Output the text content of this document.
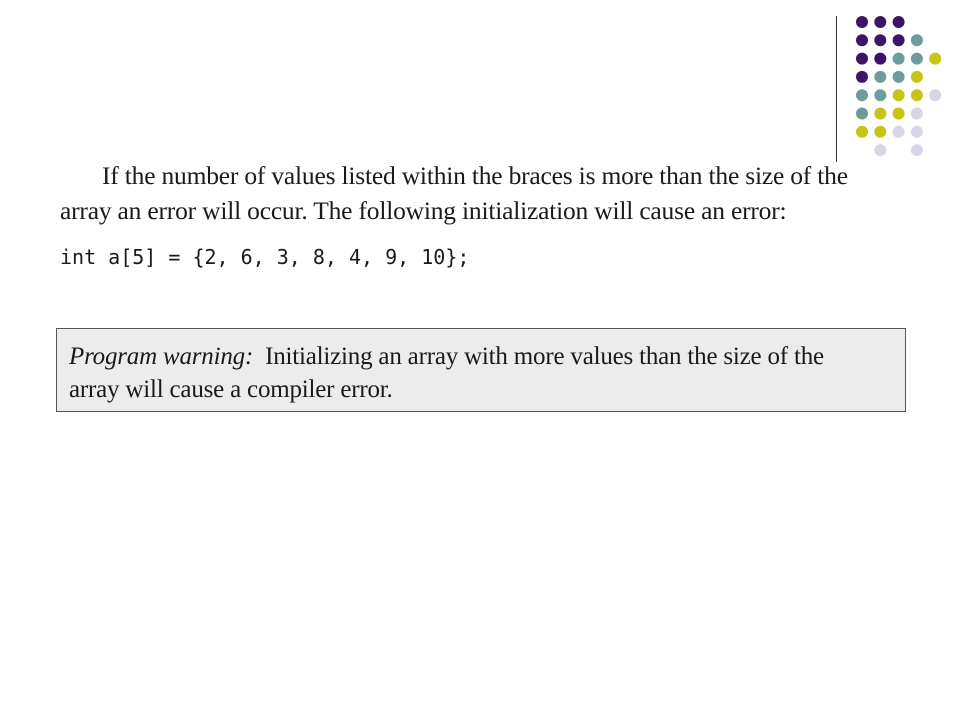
If the number of values listed within the braces is more than the size of the
array an error will occur. The following initialization will cause an error:
int a[5] = {2, 6, 3, 8, 4, 9, 10};
Program warning: Initializing an array with more values than the size of the
array will cause a compiler error.
